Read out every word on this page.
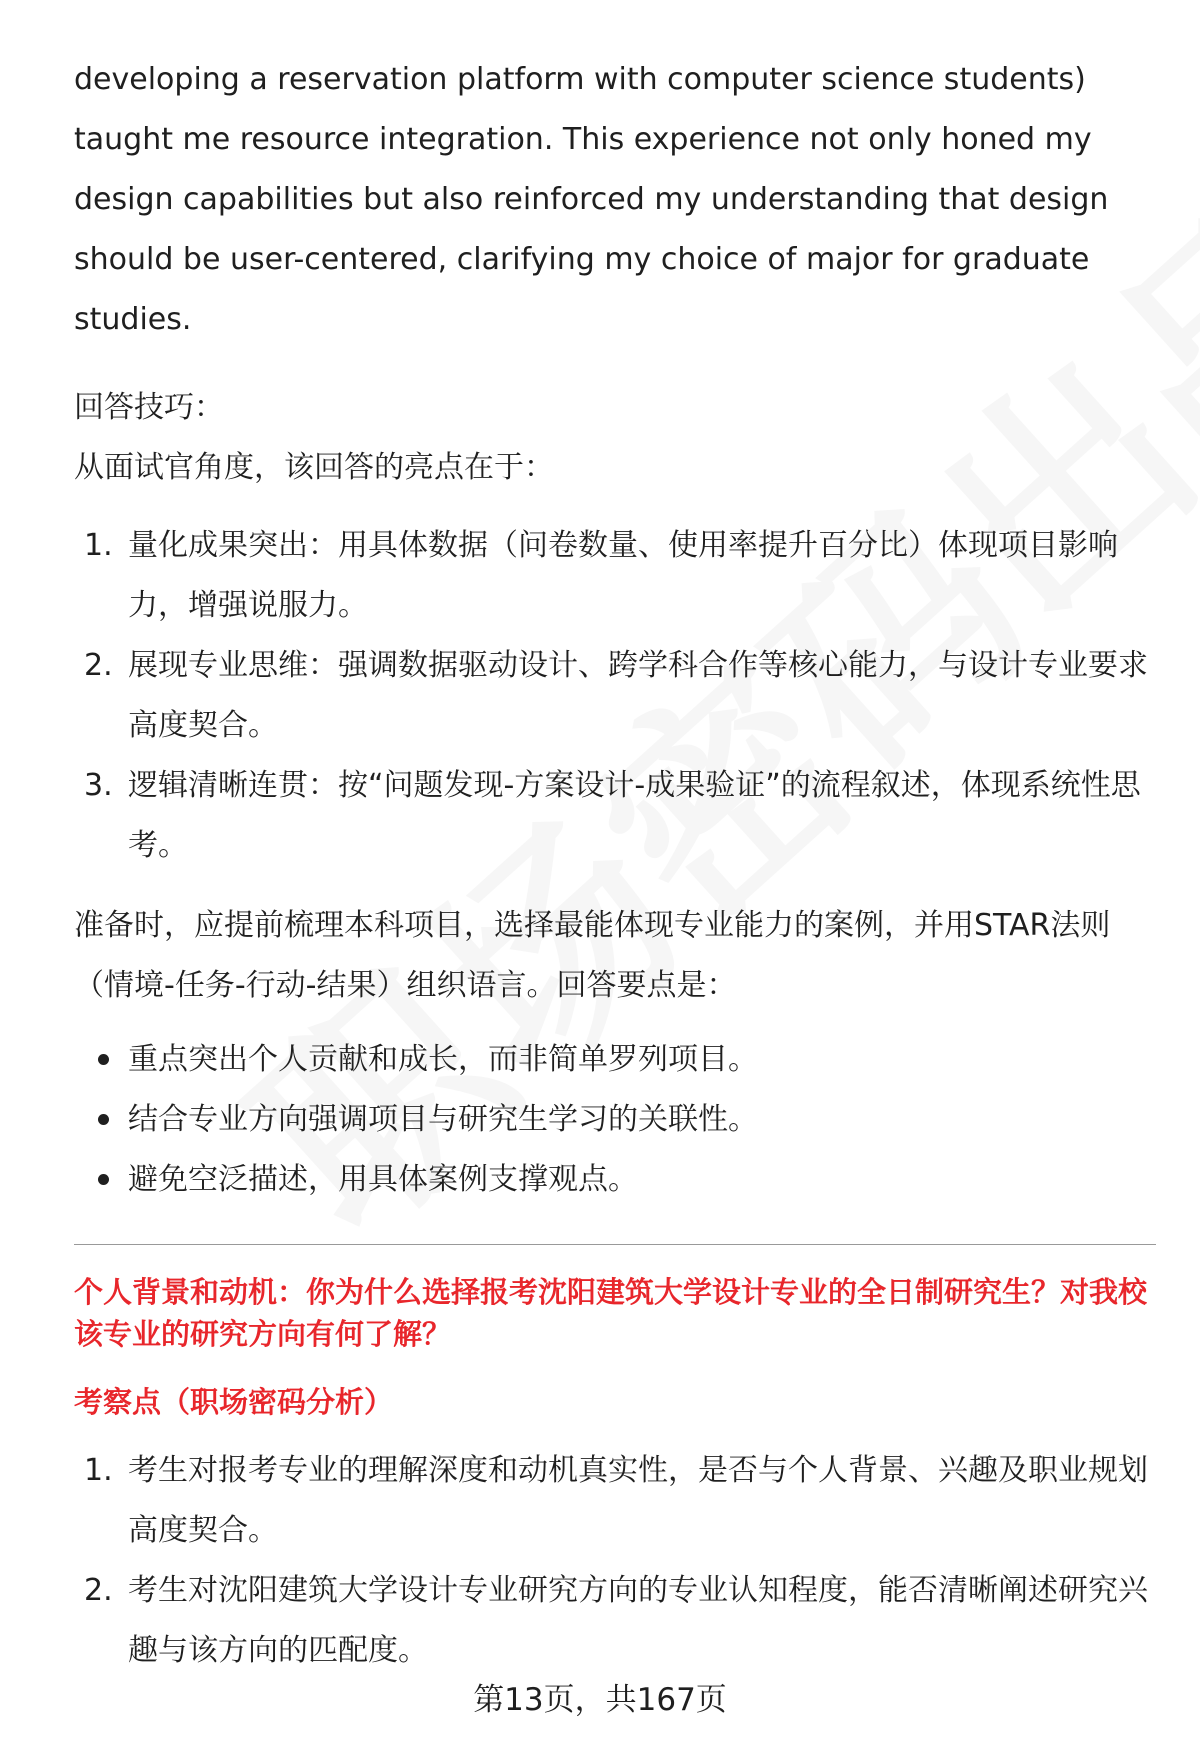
developing a reservation platform with computer science students) taught me resource integration. This experience not only honed my design capabilities but also reinforced my understanding that design should be user-centered, clarifying my choice of major for graduate studies.

回答技巧：

从面试官角度，该回答的亮点在于：

1. 量化成果突出：用具体数据（问卷数量、使用率提升百分比）体现项目影响力，增强说服力。
2. 展现专业思维：强调数据驱动设计、跨学科合作等核心能力，与设计专业要求高度契合。
3. 逻辑清晰连贯：按“问题发现-方案设计-成果验证”的流程叙述，体现系统性思考。

准备时，应提前梳理本科项目，选择最能体现专业能力的案例，并用STAR法则（情境-任务-行动-结果）组织语言。回答要点是：

重点突出个人贡献和成长，而非简单罗列项目。
结合专业方向强调项目与研究生学习的关联性。
避免空泛描述，用具体案例支撑观点。

个人背景和动机：你为什么选择报考沈阳建筑大学设计专业的全日制研究生？对我校该专业的研究方向有何了解？

考察点（职场密码分析）

1. 考生对报考专业的理解深度和动机真实性，是否与个人背景、兴趣及职业规划高度契合。
2. 考生对沈阳建筑大学设计专业研究方向的专业认知程度，能否清晰阐述研究兴趣与该方向的匹配度。
第13页，共167页
